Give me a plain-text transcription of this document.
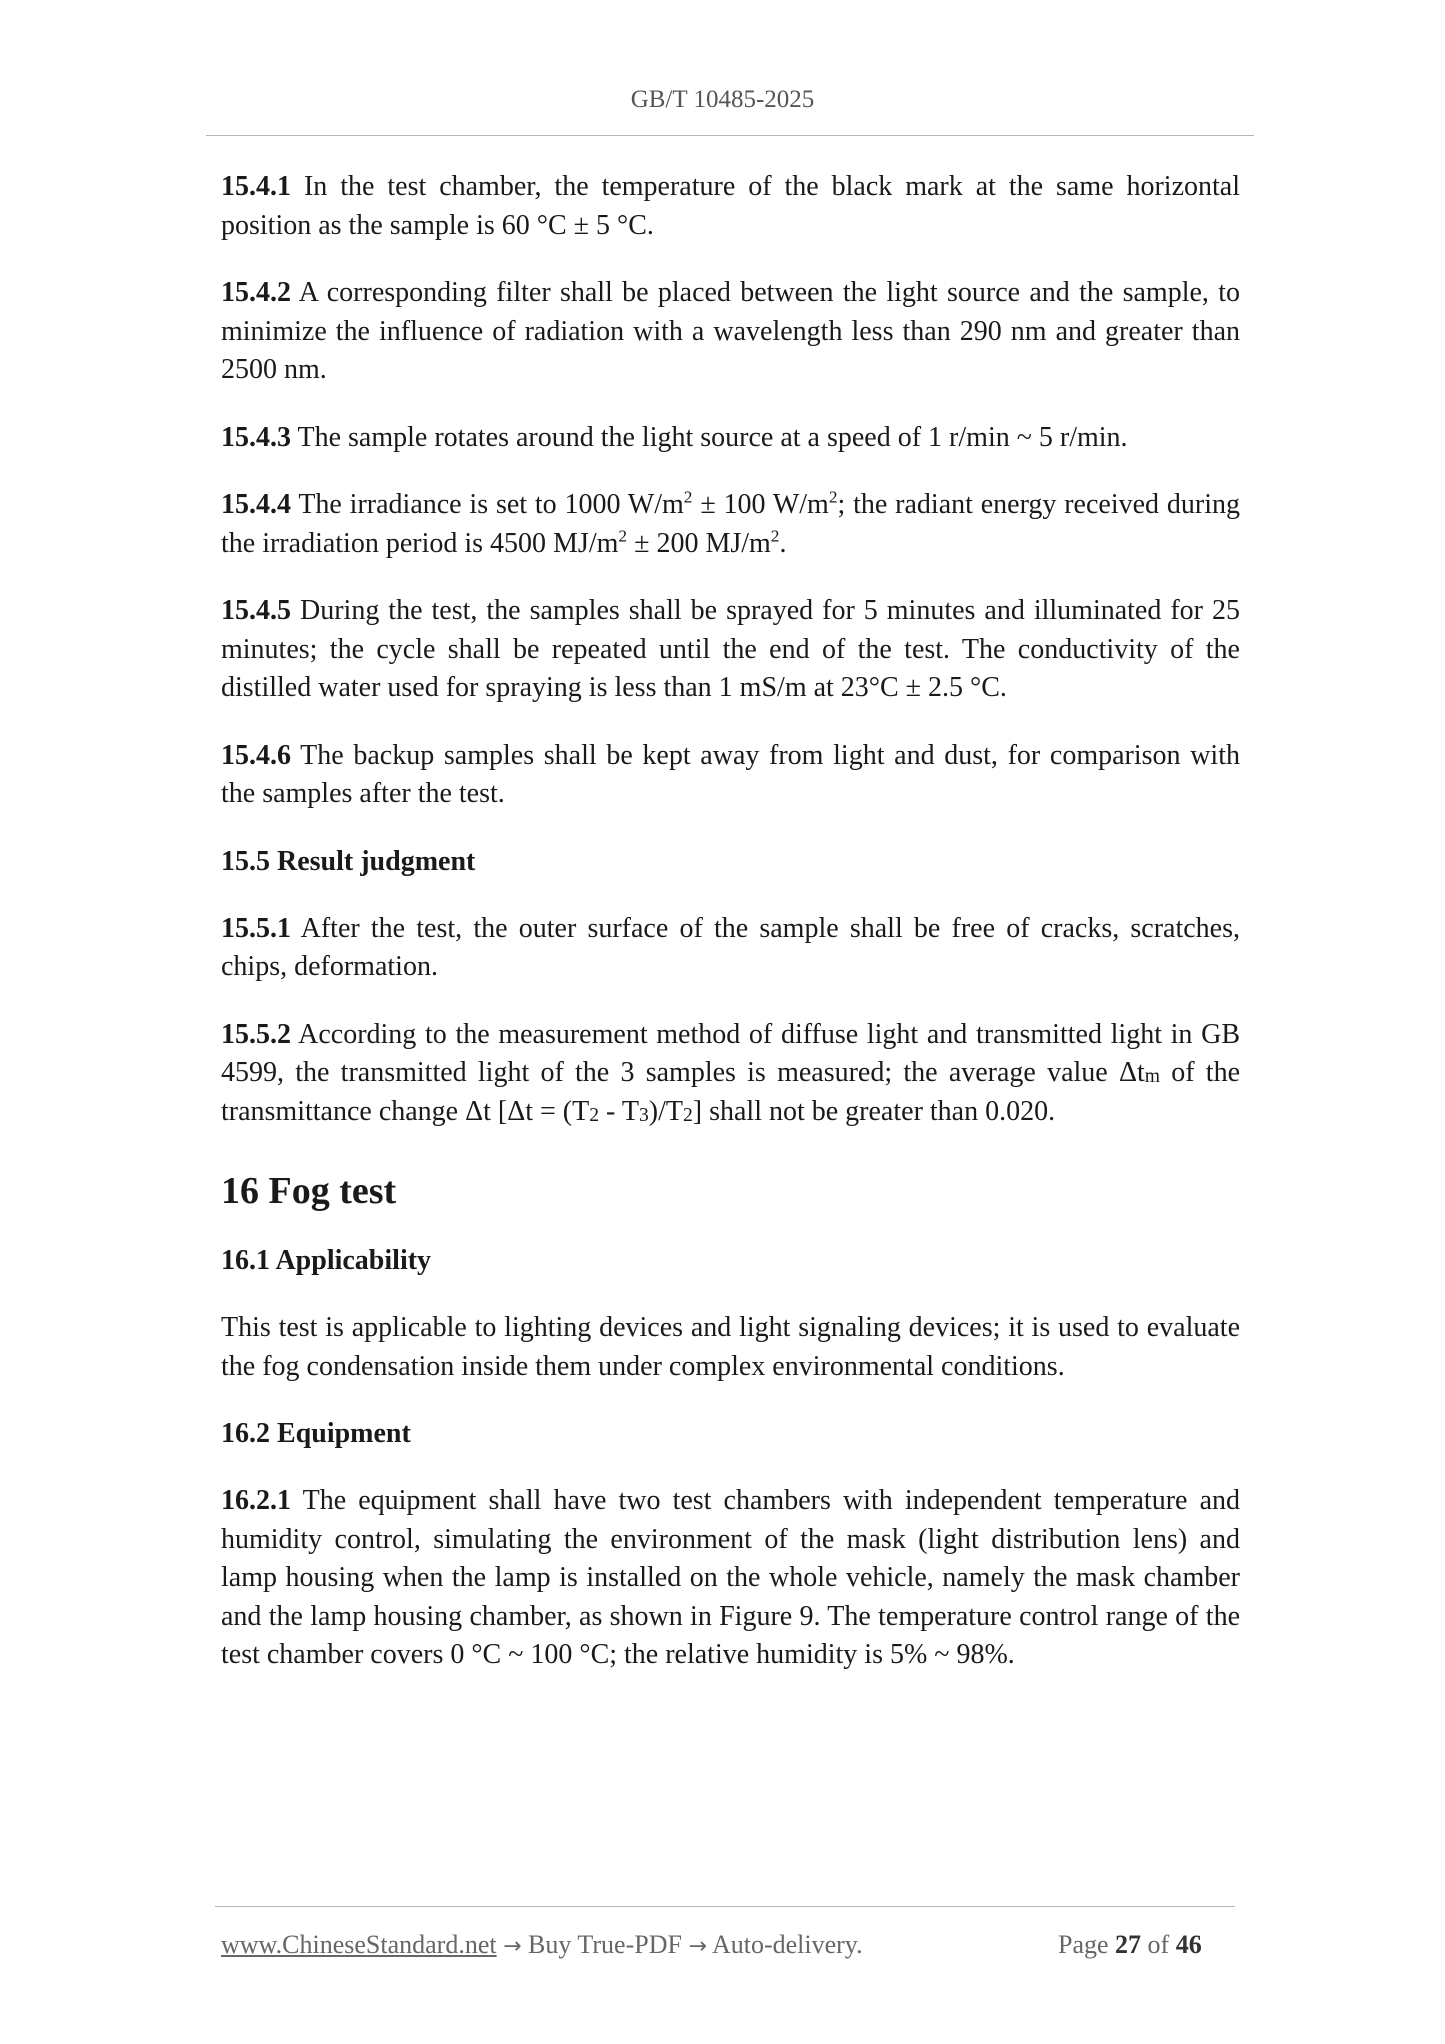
GB/T 10485-2025

15.4.1 In the test chamber, the temperature of the black mark at the same horizontal position as the sample is 60 °C ± 5 °C.

15.4.2 A corresponding filter shall be placed between the light source and the sample, to minimize the influence of radiation with a wavelength less than 290 nm and greater than 2500 nm.

15.4.3 The sample rotates around the light source at a speed of 1 r/min ~ 5 r/min.

15.4.4 The irradiance is set to 1000 $W/m^2 \pm 100$ $W/m^2$; the radiant energy received during the irradiation period is 4500 $MJ/m^2 \pm 200$ $MJ/m^2$.

15.4.5 During the test, the samples shall be sprayed for 5 minutes and illuminated for 25 minutes; the cycle shall be repeated until the end of the test. The conductivity of the distilled water used for spraying is less than 1 mS/m at 23°C ± 2.5 °C.

15.4.6 The backup samples shall be kept away from light and dust, for comparison with the samples after the test.

15.5 Result judgment

15.5.1 After the test, the outer surface of the sample shall be free of cracks, scratches, chips, deformation.

15.5.2 According to the measurement method of diffuse light and transmitted light in GB 4599, the transmitted light of the 3 samples is measured; the average value $\Delta t_m$ of the transmittance change Δt $[\Delta t = (T_2 - T_3)/T_2]$ shall not be greater than 0.020.

16 Fog test
16.1 Applicability

This test is applicable to lighting devices and light signaling devices; it is used to evaluate the fog condensation inside them under complex environmental conditions.

16.2 Equipment

16.2.1 The equipment shall have two test chambers with independent temperature and humidity control, simulating the environment of the mask (light distribution lens) and lamp housing when the lamp is installed on the whole vehicle, namely the mask chamber and the lamp housing chamber, as shown in Figure 9. The temperature control range of the test chamber covers 0 °C ~ 100 °C; the relative humidity is 5% ~ 98%.

www.ChineseStandard.net → Buy True-PDF → Auto-delivery.	Page 27 of 46
